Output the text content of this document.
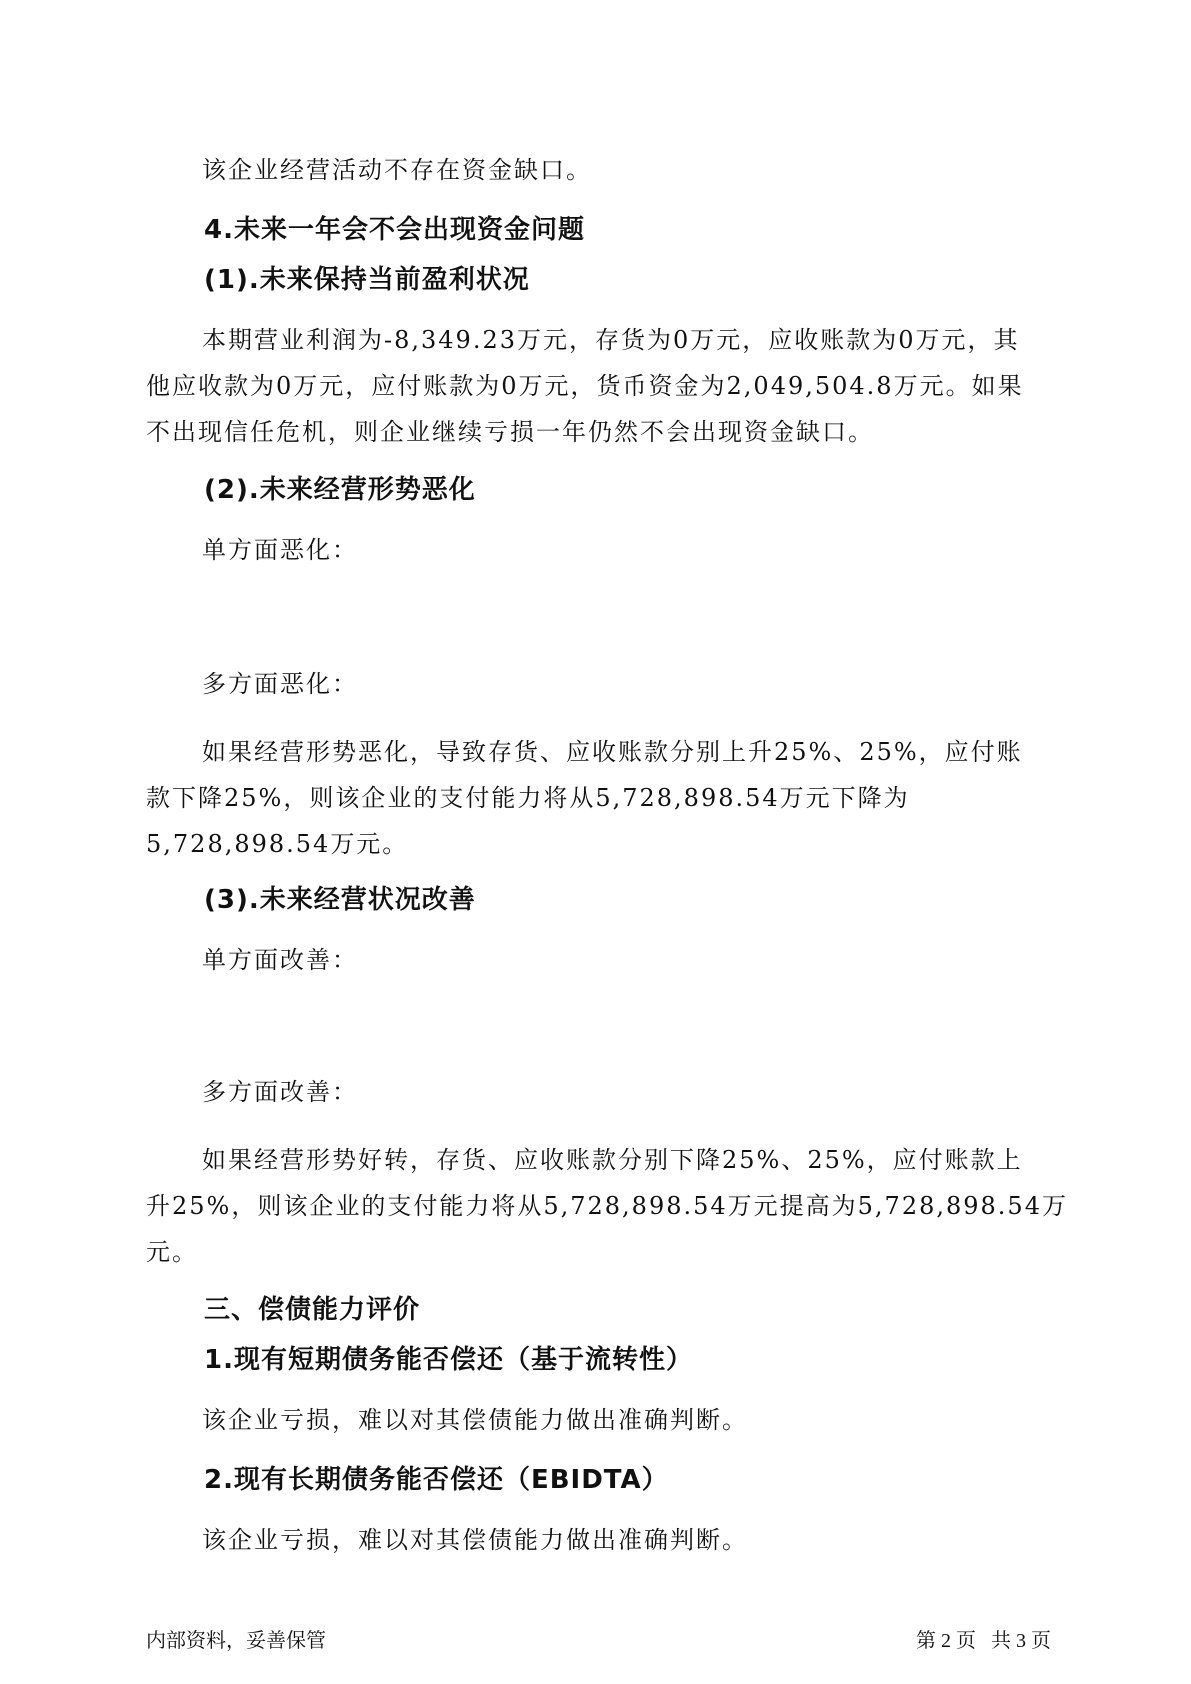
该企业经营活动不存在资金缺口。

4.未来一年会不会出现资金问题

(1).未来保持当前盈利状况

本期营业利润为-8,349.23万元，存货为0万元，应收账款为0万元，其

他应收款为0万元，应付账款为0万元，货币资金为2,049,504.8万元。如果

不出现信任危机，则企业继续亏损一年仍然不会出现资金缺口。

(2).未来经营形势恶化

单方面恶化：

多方面恶化：

如果经营形势恶化，导致存货、应收账款分别上升25%、25%，应付账

款下降25%，则该企业的支付能力将从5,728,898.54万元下降为

5,728,898.54万元。

(3).未来经营状况改善

单方面改善：

多方面改善：

如果经营形势好转，存货、应收账款分别下降25%、25%，应付账款上

升25%，则该企业的支付能力将从5,728,898.54万元提高为5,728,898.54万

元。

三、偿债能力评价

1.现有短期债务能否偿还（基于流转性）

该企业亏损，难以对其偿债能力做出准确判断。

2.现有长期债务能否偿还（EBIDTA）

该企业亏损，难以对其偿债能力做出准确判断。

内部资料，妥善保管	第 2 页   共 3 页
